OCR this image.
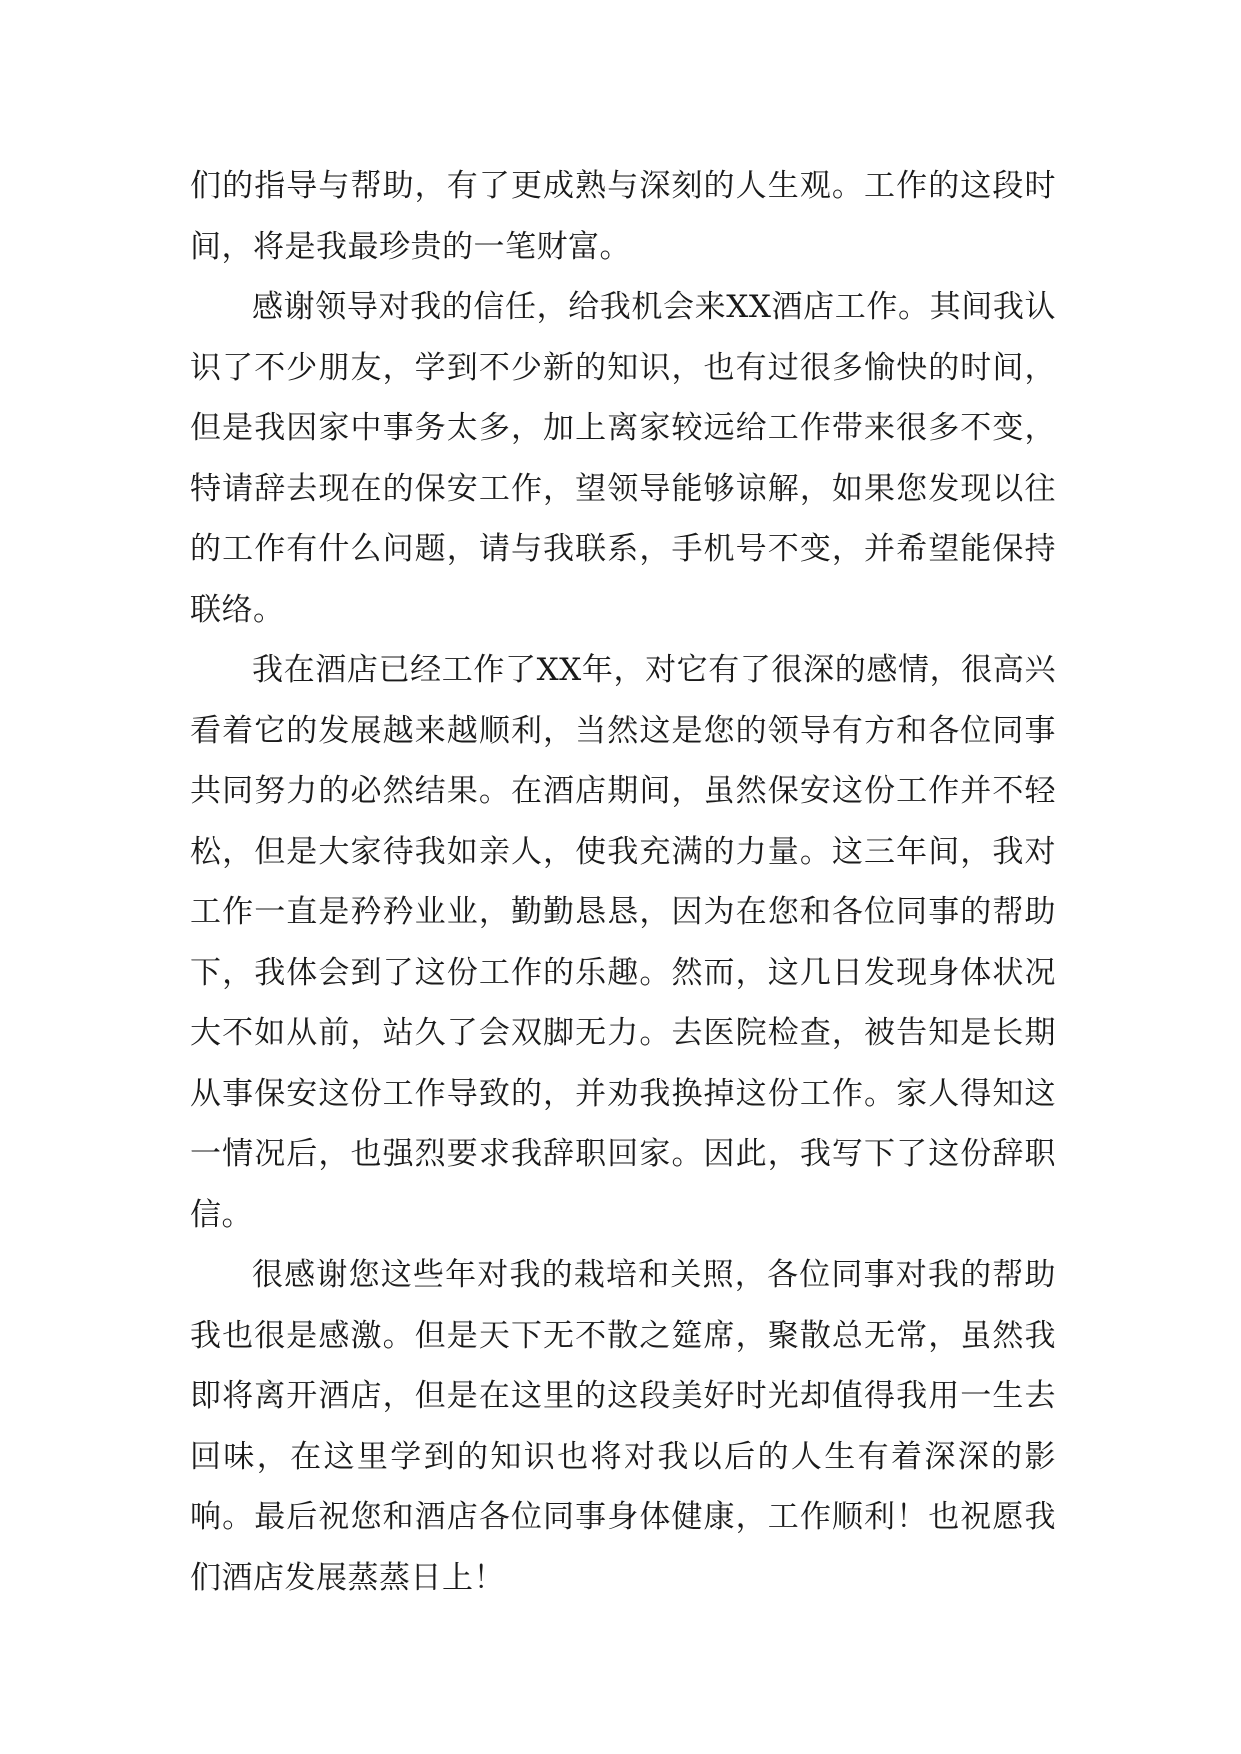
们的指导与帮助，有了更成熟与深刻的人生观。工作的这段时间，将是我最珍贵的一笔财富。

感谢领导对我的信任，给我机会来XX酒店工作。其间我认识了不少朋友，学到不少新的知识，也有过很多愉快的时间，但是我因家中事务太多，加上离家较远给工作带来很多不变，特请辞去现在的保安工作，望领导能够谅解，如果您发现以往的工作有什么问题，请与我联系，手机号不变，并希望能保持联络。

我在酒店已经工作了XX年，对它有了很深的感情，很高兴看着它的发展越来越顺利，当然这是您的领导有方和各位同事共同努力的必然结果。在酒店期间，虽然保安这份工作并不轻松，但是大家待我如亲人，使我充满的力量。这三年间，我对工作一直是矜矜业业，勤勤恳恳，因为在您和各位同事的帮助下，我体会到了这份工作的乐趣。然而，这几日发现身体状况大不如从前，站久了会双脚无力。去医院检查，被告知是长期从事保安这份工作导致的，并劝我换掉这份工作。家人得知这一情况后，也强烈要求我辞职回家。因此，我写下了这份辞职信。

很感谢您这些年对我的栽培和关照，各位同事对我的帮助我也很是感激。但是天下无不散之筵席，聚散总无常，虽然我即将离开酒店，但是在这里的这段美好时光却值得我用一生去回味，在这里学到的知识也将对我以后的人生有着深深的影响。最后祝您和酒店各位同事身体健康，工作顺利！也祝愿我们酒店发展蒸蒸日上！
